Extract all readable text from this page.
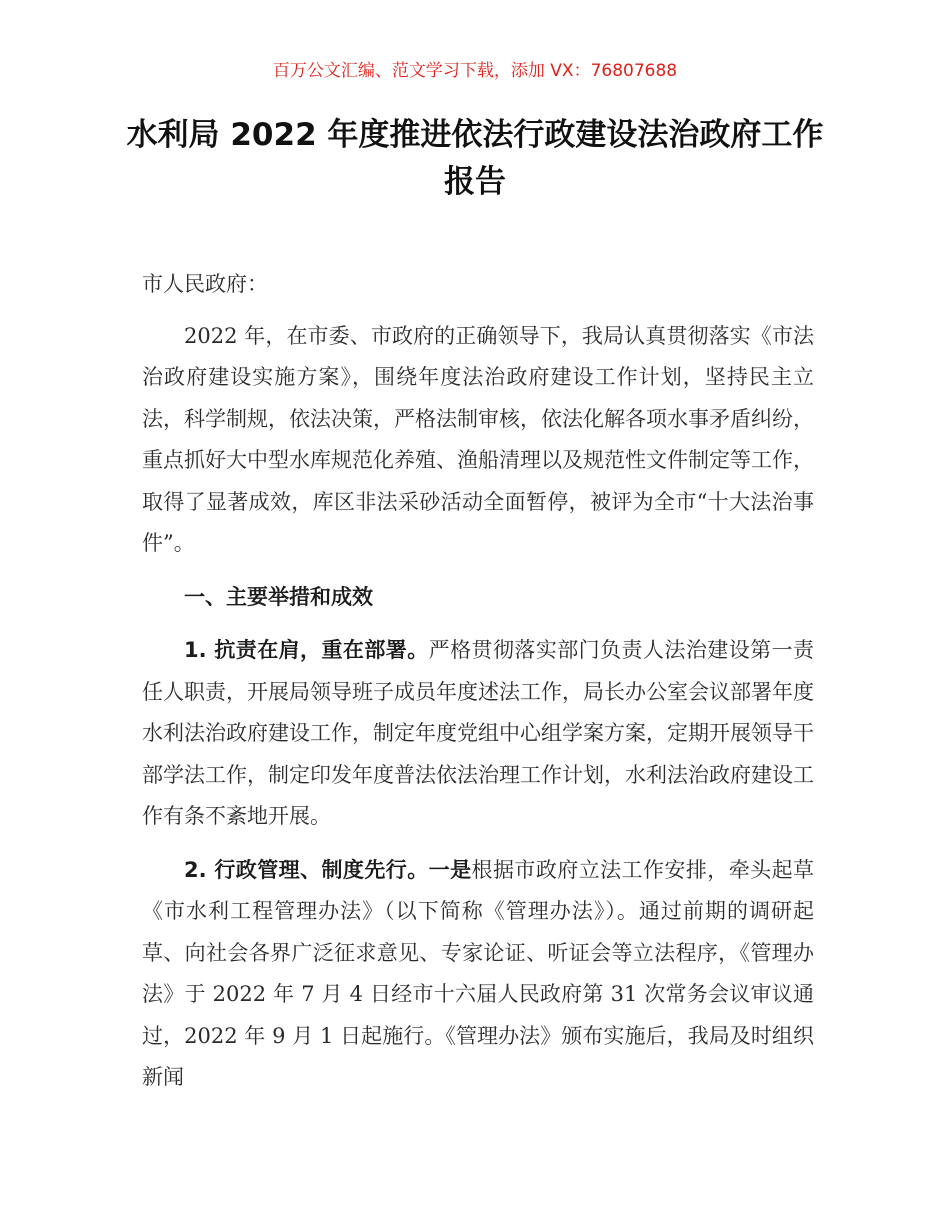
百万公文汇编、范文学习下载，添加 VX：76807688
水利局 2022 年度推进依法行政建设法治政府工作报告

市人民政府：

2022 年，在市委、市政府的正确领导下，我局认真贯彻落实《市法治政府建设实施方案》，围绕年度法治政府建设工作计划，坚持民主立法，科学制规，依法决策，严格法制审核，依法化解各项水事矛盾纠纷，重点抓好大中型水库规范化养殖、渔船清理以及规范性文件制定等工作，取得了显著成效，库区非法采砂活动全面暂停，被评为全市“十大法治事件”。

一、主要举措和成效

1. 抗责在肩，重在部署。严格贯彻落实部门负责人法治建设第一责任人职责，开展局领导班子成员年度述法工作，局长办公室会议部署年度水利法治政府建设工作，制定年度党组中心组学案方案，定期开展领导干部学法工作，制定印发年度普法依法治理工作计划，水利法治政府建设工作有条不紊地开展。

2. 行政管理、制度先行。一是根据市政府立法工作安排，牵头起草《市水利工程管理办法》（以下简称《管理办法》）。通过前期的调研起草、向社会各界广泛征求意见、专家论证、听证会等立法程序，《管理办法》于 2022 年 7 月 4 日经市十六届人民政府第 31 次常务会议审议通过，2022 年 9 月 1 日起施行。《管理办法》颁布实施后，我局及时组织新闻
